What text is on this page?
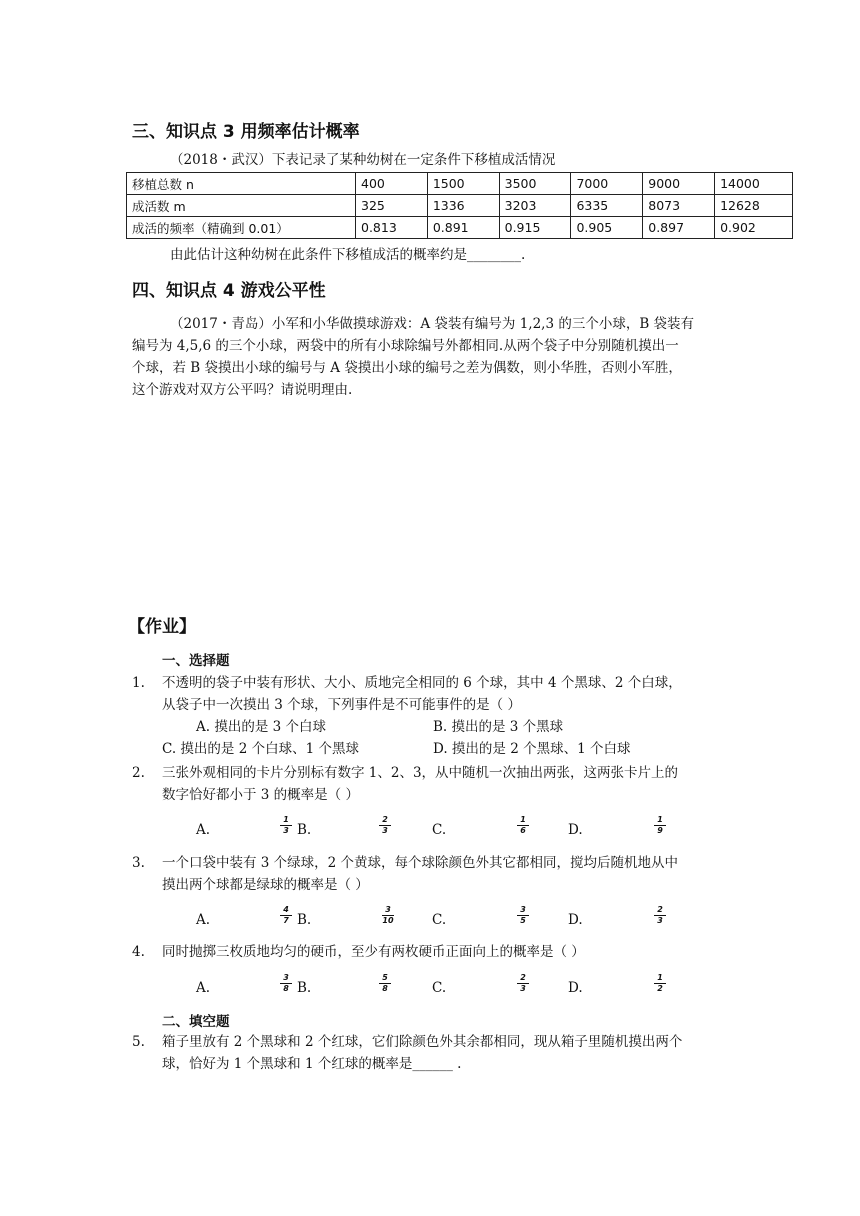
三、知识点 3 用频率估计概率
（2018・武汉）下表记录了某种幼树在一定条件下移植成活情况
移植总数 n	400	1500	3500	7000	9000	14000
成活数 m	325	1336	3203	6335	8073	12628
成活的频率（精确到 0.01）	0.813	0.891	0.915	0.905	0.897	0.902
由此估计这种幼树在此条件下移植成活的概率约是________.
四、知识点 4 游戏公平性
（2017・青岛）小军和小华做摸球游戏：A 袋装有编号为 1,2,3 的三个小球，B 袋装有
编号为 4,5,6 的三个小球，两袋中的所有小球除编号外都相同.从两个袋子中分别随机摸出一
个球，若 B 袋摸出小球的编号与 A 袋摸出小球的编号之差为偶数，则小华胜，否则小军胜，
这个游戏对双方公平吗？请说明理由.
【作业】
一、选择题
1. 不透明的袋子中装有形状、大小、质地完全相同的 6 个球，其中 4 个黑球、2 个白球，
从袋子中一次摸出 3 个球，下列事件是不可能事件的是（ ）
A. 摸出的是 3 个白球	B. 摸出的是 3 个黑球
C. 摸出的是 2 个白球、1 个黑球	D. 摸出的是 2 个黑球、1 个白球
2. 三张外观相同的卡片分别标有数字 1、2、3，从中随机一次抽出两张，这两张卡片上的
数字恰好都小于 3 的概率是（ ）
A.
1
3 B.
2
3	C.
1
6	D.
1
9
3. 一个口袋中装有 3 个绿球，2 个黄球，每个球除颜色外其它都相同，搅均后随机地从中
摸出两个球都是绿球的概率是（ ）
A.
4
7 B.
3
10	C.
3
5	D.
2
3
4. 同时抛掷三枚质地均匀的硬币，至少有两枚硬币正面向上的概率是（ ）
A.
3
8 B.
5
8	C.
2
3	D.
1
2
二、填空题
5. 箱子里放有 2 个黑球和 2 个红球，它们除颜色外其余都相同，现从箱子里随机摸出两个
球，恰好为 1 个黑球和 1 个红球的概率是______ .
